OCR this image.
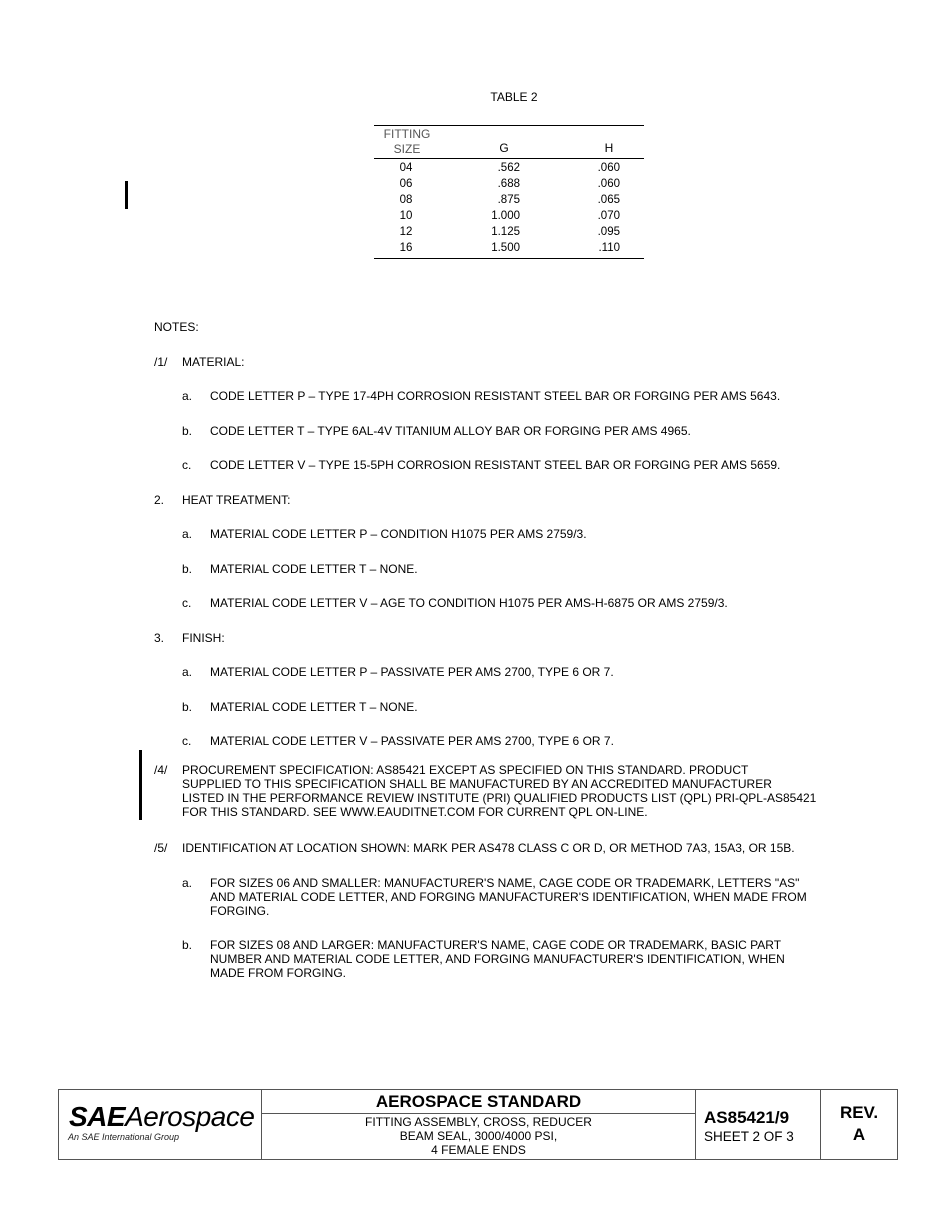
TABLE 2
FITTING
SIZE	G	H
04	.562	.060
06	.688	.060
08	.875	.065
10	1.000	.070
12	1.125	.095
16	1.500	.110
NOTES:
/1/ MATERIAL:
a. CODE LETTER P – TYPE 17-4PH CORROSION RESISTANT STEEL BAR OR FORGING PER AMS 5643.
b. CODE LETTER T – TYPE 6AL-4V TITANIUM ALLOY BAR OR FORGING PER AMS 4965.
c. CODE LETTER V – TYPE 15-5PH CORROSION RESISTANT STEEL BAR OR FORGING PER AMS 5659.
2. HEAT TREATMENT:
a. MATERIAL CODE LETTER P – CONDITION H1075 PER AMS 2759/3.
b. MATERIAL CODE LETTER T – NONE.
c. MATERIAL CODE LETTER V – AGE TO CONDITION H1075 PER AMS-H-6875 OR AMS 2759/3.
3. FINISH:
a. MATERIAL CODE LETTER P – PASSIVATE PER AMS 2700, TYPE 6 OR 7.
b. MATERIAL CODE LETTER T – NONE.
c. MATERIAL CODE LETTER V – PASSIVATE PER AMS 2700, TYPE 6 OR 7.
/4/ PROCUREMENT SPECIFICATION: AS85421 EXCEPT AS SPECIFIED ON THIS STANDARD. PRODUCT
SUPPLIED TO THIS SPECIFICATION SHALL BE MANUFACTURED BY AN ACCREDITED MANUFACTURER
LISTED IN THE PERFORMANCE REVIEW INSTITUTE (PRI) QUALIFIED PRODUCTS LIST (QPL) PRI-QPL-AS85421
FOR THIS STANDARD. SEE WWW.EAUDITNET.COM FOR CURRENT QPL ON-LINE.
/5/ IDENTIFICATION AT LOCATION SHOWN: MARK PER AS478 CLASS C OR D, OR METHOD 7A3, 15A3, OR 15B.
a. FOR SIZES 06 AND SMALLER: MANUFACTURER'S NAME, CAGE CODE OR TRADEMARK, LETTERS "AS"
AND MATERIAL CODE LETTER, AND FORGING MANUFACTURER'S IDENTIFICATION, WHEN MADE FROM
FORGING.
b. FOR SIZES 08 AND LARGER: MANUFACTURER'S NAME, CAGE CODE OR TRADEMARK, BASIC PART
NUMBER AND MATERIAL CODE LETTER, AND FORGING MANUFACTURER'S IDENTIFICATION, WHEN
MADE FROM FORGING.
SAEAerospace
An SAE International Group
AEROSPACE STANDARD
FITTING ASSEMBLY, CROSS, REDUCER
BEAM SEAL, 3000/4000 PSI,
4 FEMALE ENDS
AS85421/9
SHEET 2 OF 3
REV.
A
